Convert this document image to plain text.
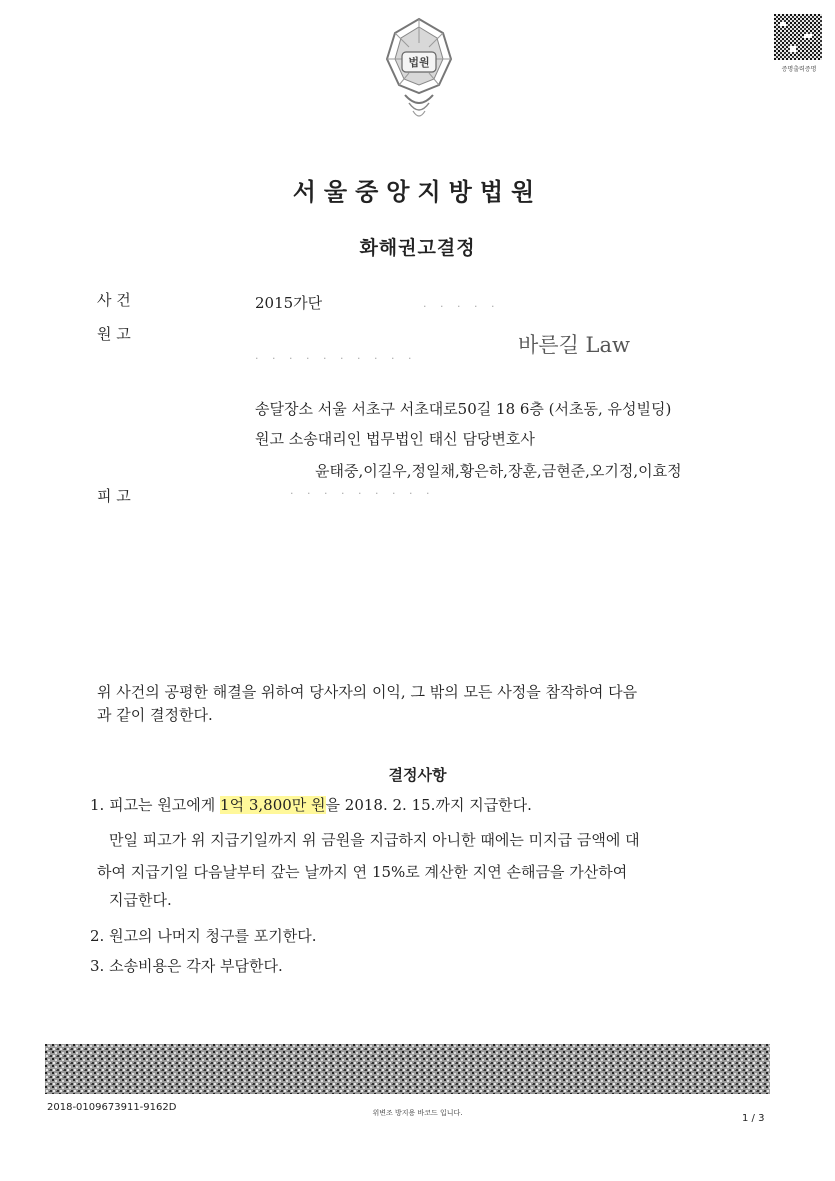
법원
증명출력증명
서울중앙지방법원
화해권고결정
사 건	2015가단	· · · · ·
원 고
· · · · · · · · · ·
바른길 Law
송달장소 서울 서초구 서초대로50길 18 6층 (서초동, 유성빌딩)
원고 소송대리인 법무법인 태신 담당변호사
윤태중,이길우,정일채,황은하,장훈,금현준,오기정,이효정
피 고	· · · · · · · · ·
위 사건의 공평한 해결을 위하여 당사자의 이익, 그 밖의 모든 사정을 참작하여 다음
과 같이 결정한다.
결정사항
1. 피고는 원고에게 1억 3,800만 원을 2018. 2. 15.까지 지급한다.
만일 피고가 위 지급기일까지 위 금원을 지급하지 아니한 때에는 미지급 금액에 대
하여 지급기일 다음날부터 갚는 날까지 연 15%로 계산한 지연 손해금을 가산하여
지급한다.
2. 원고의 나머지 청구를 포기한다.
3. 소송비용은 각자 부담한다.
2018-0109673911-9162D	위변조 방지용 바코드 입니다.	1 / 3
